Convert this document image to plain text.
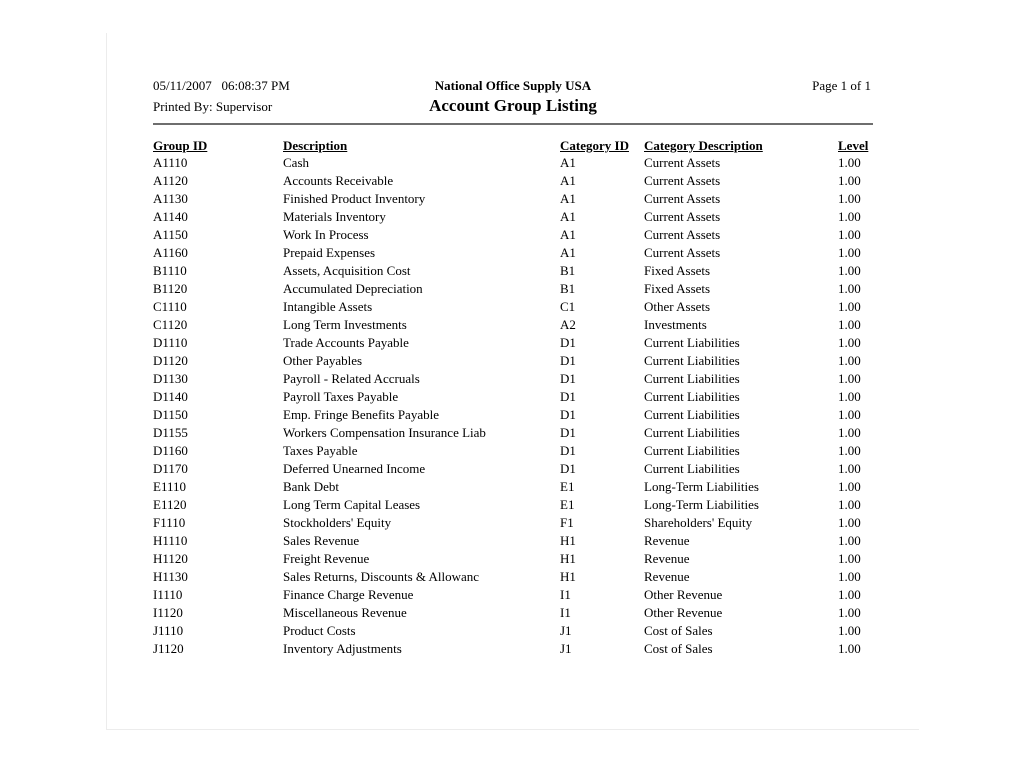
05/11/2007   06:08:37 PM
Printed By: Supervisor
National Office Supply USA
Account Group Listing
Page 1 of 1
Group ID	Description	Category ID	Category Description	Level
A1110	Cash	A1	Current Assets	1.00
A1120	Accounts Receivable	A1	Current Assets	1.00
A1130	Finished Product Inventory	A1	Current Assets	1.00
A1140	Materials Inventory	A1	Current Assets	1.00
A1150	Work In Process	A1	Current Assets	1.00
A1160	Prepaid Expenses	A1	Current Assets	1.00
B1110	Assets, Acquisition Cost	B1	Fixed Assets	1.00
B1120	Accumulated Depreciation	B1	Fixed Assets	1.00
C1110	Intangible Assets	C1	Other Assets	1.00
C1120	Long Term Investments	A2	Investments	1.00
D1110	Trade Accounts Payable	D1	Current Liabilities	1.00
D1120	Other Payables	D1	Current Liabilities	1.00
D1130	Payroll - Related Accruals	D1	Current Liabilities	1.00
D1140	Payroll Taxes Payable	D1	Current Liabilities	1.00
D1150	Emp. Fringe Benefits Payable	D1	Current Liabilities	1.00
D1155	Workers Compensation Insurance Liab	D1	Current Liabilities	1.00
D1160	Taxes Payable	D1	Current Liabilities	1.00
D1170	Deferred Unearned Income	D1	Current Liabilities	1.00
E1110	Bank Debt	E1	Long-Term Liabilities	1.00
E1120	Long Term Capital Leases	E1	Long-Term Liabilities	1.00
F1110	Stockholders' Equity	F1	Shareholders' Equity	1.00
H1110	Sales Revenue	H1	Revenue	1.00
H1120	Freight Revenue	H1	Revenue	1.00
H1130	Sales Returns, Discounts & Allowanc	H1	Revenue	1.00
I1110	Finance Charge Revenue	I1	Other Revenue	1.00
I1120	Miscellaneous Revenue	I1	Other Revenue	1.00
J1110	Product Costs	J1	Cost of Sales	1.00
J1120	Inventory Adjustments	J1	Cost of Sales	1.00
